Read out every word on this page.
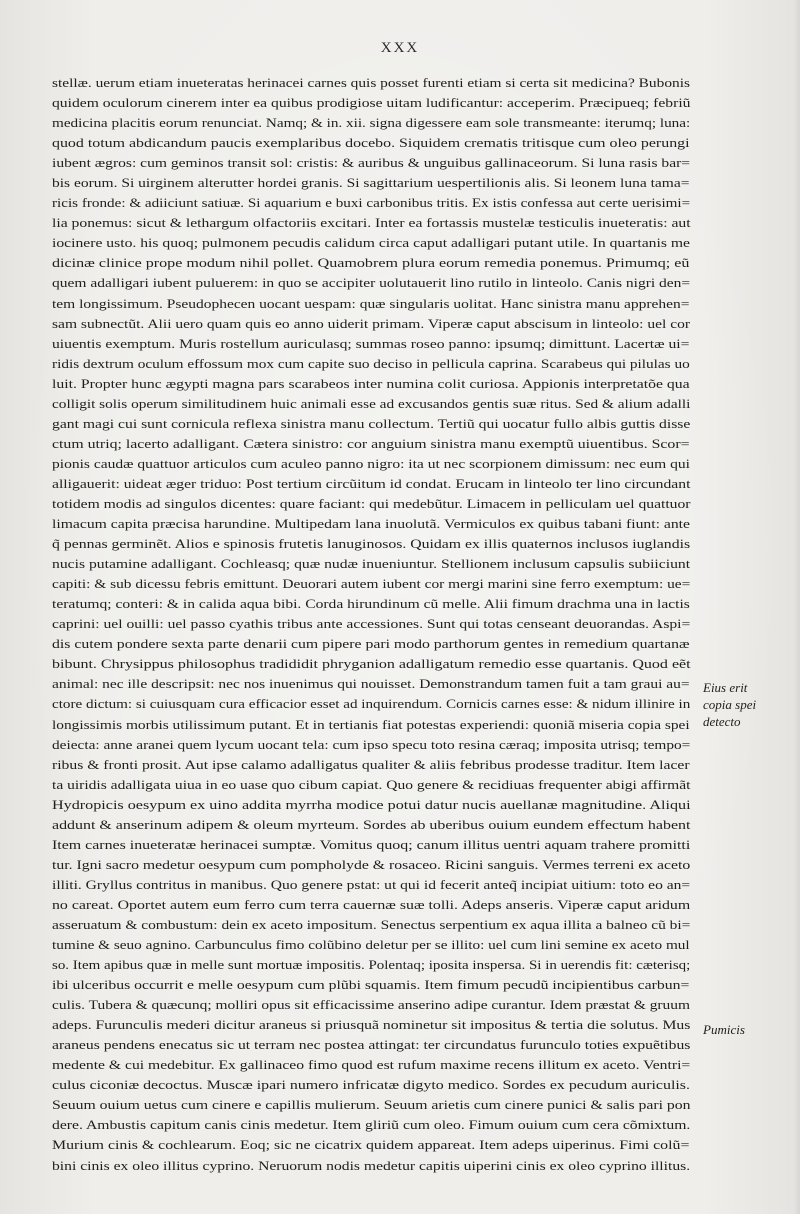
XXX
stellæ. uerum etiam inueteratas herinacei carnes quis posset furenti etiam si certa sit medicina? Bubonis
quidem oculorum cinerem inter ea quibus prodigiose uitam ludificantur: acceperim. Præcipueq; febriũ
medicina placitis eorum renunciat. Namq; & in. xii. signa digessere eam sole transmeante: iterumq; luna:
quod totum abdicandum paucis exemplaribus docebo. Siquidem crematis tritisque cum oleo perungi
iubent ægros: cum geminos transit sol: cristis: & auribus & unguibus gallinaceorum. Si luna rasis bar=
bis eorum. Si uirginem alterutter hordei granis. Si sagittarium uespertilionis alis. Si leonem luna tama=
ricis fronde: & adiiciunt satiuæ. Si aquarium e buxi carbonibus tritis. Ex istis confessa aut certe uerisimi=
lia ponemus: sicut & lethargum olfactoriis excitari. Inter ea fortassis mustelæ testiculis inueteratis: aut
iocinere usto. his quoq; pulmonem pecudis calidum circa caput adalligari putant utile. In quartanis me
dicinæ clinice prope modum nihil pollet. Quamobrem plura eorum remedia ponemus. Primumq; eũ
quem adalligari iubent puluerem: in quo se accipiter uolutauerit lino rutilo in linteolo. Canis nigri den=
tem longissimum. Pseudophecen uocant uespam: quæ singularis uolitat. Hanc sinistra manu apprehen=
sam subnectũt. Alii uero quam quis eo anno uiderit primam. Viperæ caput abscisum in linteolo: uel cor
uiuentis exemptum. Muris rostellum auriculasq; summas roseo panno: ipsumq; dimittunt. Lacertæ ui=
ridis dextrum oculum effossum mox cum capite suo deciso in pellicula caprina. Scarabeus qui pilulas uo
luit. Propter hunc ægypti magna pars scarabeos inter numina colit curiosa. Appionis interpretatõe qua
colligit solis operum similitudinem huic animali esse ad excusandos gentis suæ ritus. Sed & alium adalli
gant magi cui sunt cornicula reflexa sinistra manu collectum. Tertiũ qui uocatur fullo albis guttis disse
ctum utriq; lacerto adalligant. Cætera sinistro: cor anguium sinistra manu exemptũ uiuentibus. Scor=
pionis caudæ quattuor articulos cum aculeo panno nigro: ita ut nec scorpionem dimissum: nec eum qui
alligauerit: uideat æger triduo: Post tertium circũitum id condat. Erucam in linteolo ter lino circundant
totidem modis ad singulos dicentes: quare faciant: qui medebũtur. Limacem in pelliculam uel quattuor
limacum capita præcisa harundine. Multipedam lana inuolutã. Vermiculos ex quibus tabani fiunt: ante
q̃ pennas germinẽt. Alios e spinosis frutetis lanuginosos. Quidam ex illis quaternos inclusos iuglandis
nucis putamine adalligant. Cochleasq; quæ nudæ inueniuntur. Stellionem inclusum capsulis subiiciunt
capiti: & sub dicessu febris emittunt. Deuorari autem iubent cor mergi marini sine ferro exemptum: ue=
teratumq; conteri: & in calida aqua bibi. Corda hirundinum cũ melle. Alii fimum drachma una in lactis
caprini: uel ouilli: uel passo cyathis tribus ante accessiones. Sunt qui totas censeant deuorandas. Aspi=
dis cutem pondere sexta parte denarii cum pipere pari modo parthorum gentes in remedium quartanæ
bibunt. Chrysippus philosophus tradididit phryganion adalligatum remedio esse quartanis. Quod eẽt
animal: nec ille descripsit: nec nos inuenimus qui nouisset. Demonstrandum tamen fuit a tam graui au=
ctore dictum: si cuiusquam cura efficacior esset ad inquirendum. Cornicis carnes esse: & nidum illinire in
longissimis morbis utilissimum putant. Et in tertianis fiat potestas experiendi: quoniã miseria copia spei
deiecta: anne aranei quem lycum uocant tela: cum ipso specu toto resina cæraq; imposita utrisq; tempo=
ribus & fronti prosit. Aut ipse calamo adalligatus qualiter & aliis febribus prodesse traditur. Item lacer
ta uiridis adalligata uiua in eo uase quo cibum capiat. Quo genere & recidiuas frequenter abigi affirmãt
Hydropicis oesypum ex uino addita myrrha modice potui datur nucis auellanæ magnitudine. Aliqui
addunt & anserinum adipem & oleum myrteum. Sordes ab uberibus ouium eundem effectum habent
Item carnes inueteratæ herinacei sumptæ. Vomitus quoq; canum illitus uentri aquam trahere promitti
tur. Igni sacro medetur oesypum cum pompholyde & rosaceo. Ricini sanguis. Vermes terreni ex aceto
illiti. Gryllus contritus in manibus. Quo genere pstat: ut qui id fecerit anteq̃ incipiat uitium: toto eo an=
no careat. Oportet autem eum ferro cum terra cauernæ suæ tolli. Adeps anseris. Viperæ caput aridum
asseruatum & combustum: dein ex aceto impositum. Senectus serpentium ex aqua illita a balneo cũ bi=
tumine & seuo agnino. Carbunculus fimo colũbino deletur per se illito: uel cum lini semine ex aceto mul
so. Item apibus quæ in melle sunt mortuæ impositis. Polentaq; iposita inspersa. Si in uerendis fit: cæterisq;
ibi ulceribus occurrit e melle oesypum cum plũbi squamis. Item fimum pecudũ incipientibus carbun=
culis. Tubera & quæcunq; molliri opus sit efficacissime anserino adipe curantur. Idem præstat & gruum
adeps. Furunculis mederi dicitur araneus si priusquã nominetur sit impositus & tertia die solutus. Mus
araneus pendens enecatus sic ut terram nec postea attingat: ter circundatus furunculo toties expuẽtibus
medente & cui medebitur. Ex gallinaceo fimo quod est rufum maxime recens illitum ex aceto. Ventri=
culus ciconiæ decoctus. Muscæ ipari numero infricatæ digyto medico. Sordes ex pecudum auriculis.
Seuum ouium uetus cum cinere e capillis mulierum. Seuum arietis cum cinere punici & salis pari pon
dere. Ambustis capitum canis cinis medetur. Item gliriũ cum oleo. Fimum ouium cum cera cõmixtum.
Murium cinis & cochlearum. Eoq; sic ne cicatrix quidem appareat. Item adeps uiperinus. Fimi colũ=
bini cinis ex oleo illitus cyprino. Neruorum nodis medetur capitis uiperini cinis ex oleo cyprino illitus.
Eius erit
copia spei
detecto
Pumicis
